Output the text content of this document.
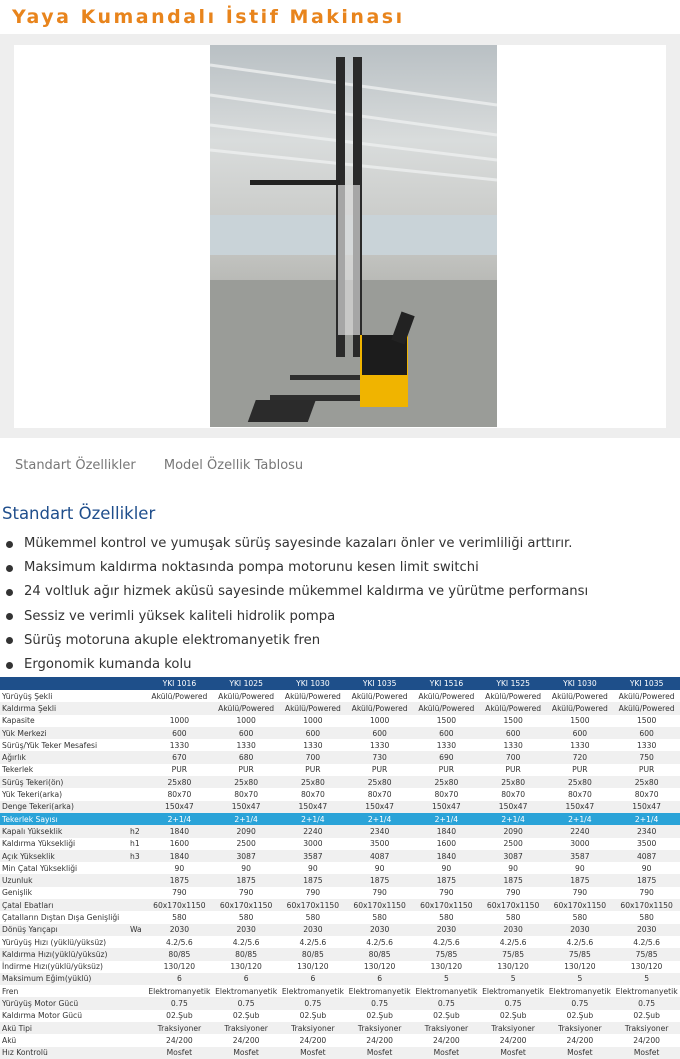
Yaya Kumandalı İstif Makinası
Standart Özellikler Model Özellik Tablosu
Standart Özellikler
Mükemmel kontrol ve yumuşak sürüş sayesinde kazaları önler ve verimliliği arttırır.
Maksimum kaldırma noktasında pompa motorunu kesen limit switchi
24 voltluk ağır hizmek aküsü sayesinde mükemmel kaldırma ve yürütme performansı
Sessiz ve verimli yüksek kaliteli hidrolik pompa
Sürüş motoruna akuple elektromanyetik fren
Ergonomik kumanda kolu
		YKI 1016	YKI 1025	YKI 1030	YKI 1035	YKI 1516	YKI 1525	YKI 1030	YKI 1035
Yürüyüş Şekli		Akülü/Powered	Akülü/Powered	Akülü/Powered	Akülü/Powered	Akülü/Powered	Akülü/Powered	Akülü/Powered	Akülü/Powered
Kaldırma Şekli			Akülü/Powered	Akülü/Powered	Akülü/Powered	Akülü/Powered	Akülü/Powered	Akülü/Powered	Akülü/Powered
Kapasite		1000	1000	1000	1000	1500	1500	1500	1500
Yük Merkezi		600	600	600	600	600	600	600	600
Sürüş/Yük Teker Mesafesi		1330	1330	1330	1330	1330	1330	1330	1330
Ağırlık		670	680	700	730	690	700	720	750
Tekerlek		PUR	PUR	PUR	PUR	PUR	PUR	PUR	PUR
Sürüş Tekeri(ön)		25x80	25x80	25x80	25x80	25x80	25x80	25x80	25x80
Yük Tekeri(arka)		80x70	80x70	80x70	80x70	80x70	80x70	80x70	80x70
Denge Tekeri(arka)		150x47	150x47	150x47	150x47	150x47	150x47	150x47	150x47
Tekerlek Sayısı		2+1/4	2+1/4	2+1/4	2+1/4	2+1/4	2+1/4	2+1/4	2+1/4
Kapalı Yükseklik	h2	1840	2090	2240	2340	1840	2090	2240	2340
Kaldırma Yüksekliği	h1	1600	2500	3000	3500	1600	2500	3000	3500
Açık Yükseklik	h3	1840	3087	3587	4087	1840	3087	3587	4087
Min Çatal Yüksekliği		90	90	90	90	90	90	90	90
Uzunluk		1875	1875	1875	1875	1875	1875	1875	1875
Genişlik		790	790	790	790	790	790	790	790
Çatal Ebatları		60x170x1150	60x170x1150	60x170x1150	60x170x1150	60x170x1150	60x170x1150	60x170x1150	60x170x1150
Çatalların Dıştan Dışa Genişliği		580	580	580	580	580	580	580	580
Dönüş Yarıçapı	Wa	2030	2030	2030	2030	2030	2030	2030	2030
Yürüyüş Hızı (yüklü/yüksüz)		4.2/5.6	4.2/5.6	4.2/5.6	4.2/5.6	4.2/5.6	4.2/5.6	4.2/5.6	4.2/5.6
Kaldırma Hızı(yüklü/yüksüz)		80/85	80/85	80/85	80/85	75/85	75/85	75/85	75/85
İndirme Hızı(yüklü/yüksüz)		130/120	130/120	130/120	130/120	130/120	130/120	130/120	130/120
Maksimum Eğim(yüklü)		6	6	6	6	5	5	5	5
Fren		Elektromanyetik	Elektromanyetik	Elektromanyetik	Elektromanyetik	Elektromanyetik	Elektromanyetik	Elektromanyetik	Elektromanyetik
Yürüyüş Motor Gücü		0.75	0.75	0.75	0.75	0.75	0.75	0.75	0.75
Kaldırma Motor Gücü		02.Şub	02.Şub	02.Şub	02.Şub	02.Şub	02.Şub	02.Şub	02.Şub
Akü Tipi		Traksiyoner	Traksiyoner	Traksiyoner	Traksiyoner	Traksiyoner	Traksiyoner	Traksiyoner	Traksiyoner
Akü		24/200	24/200	24/200	24/200	24/200	24/200	24/200	24/200
Hız Kontrolü		Mosfet	Mosfet	Mosfet	Mosfet	Mosfet	Mosfet	Mosfet	Mosfet
